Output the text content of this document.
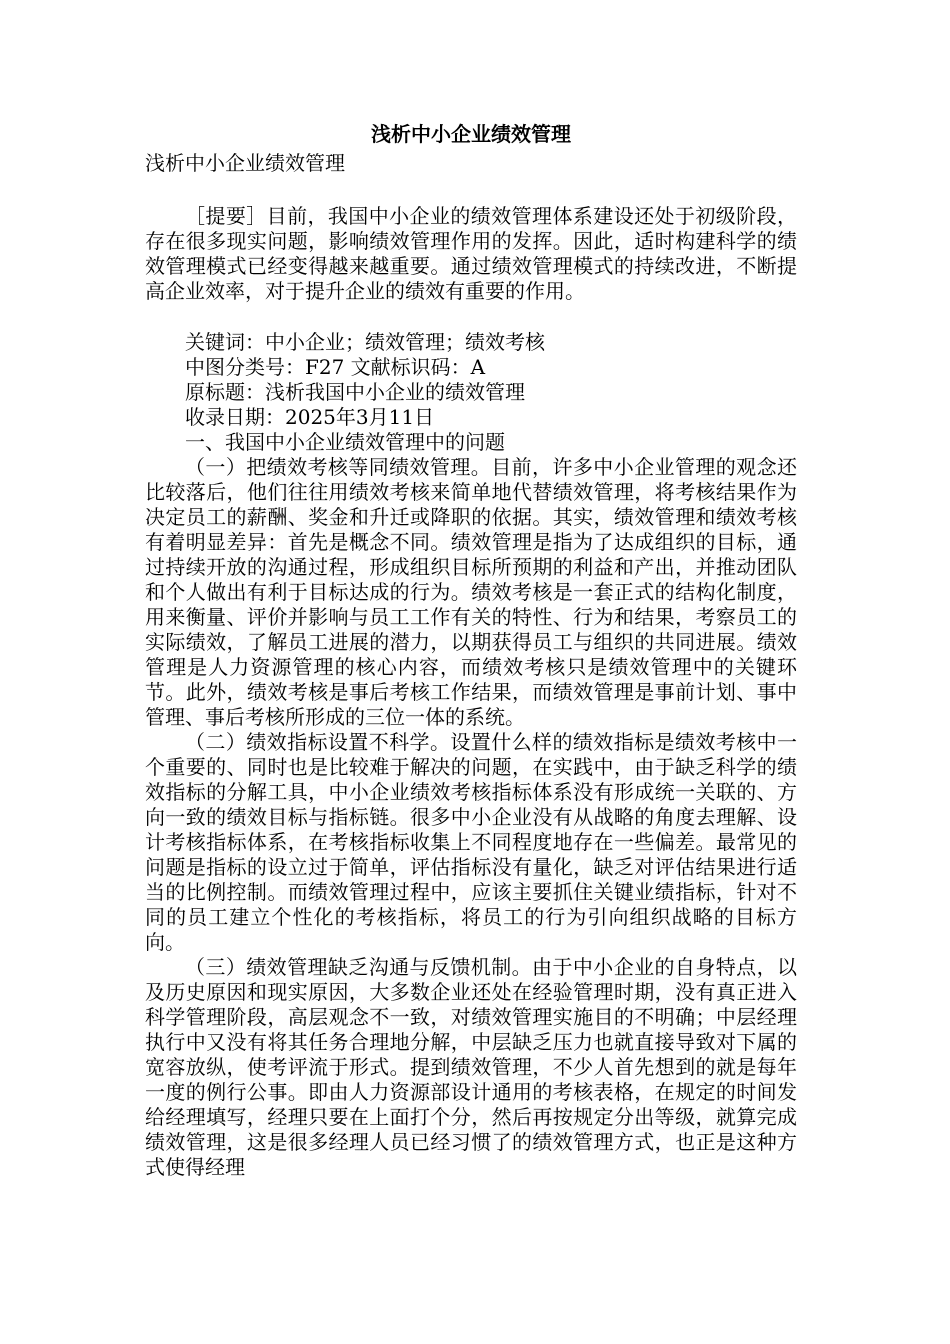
浅析中小企业绩效管理

浅析中小企业绩效管理

［提要］目前，我国中小企业的绩效管理体系建设还处于初级阶段，存在很多现实问题，影响绩效管理作用的发挥。因此，适时构建科学的绩效管理模式已经变得越来越重要。通过绩效管理模式的持续改进，不断提高企业效率，对于提升企业的绩效有重要的作用。

关键词：中小企业；绩效管理；绩效考核

中图分类号：F27 文献标识码：A

原标题：浅析我国中小企业的绩效管理

收录日期：2025年3月11日

一、我国中小企业绩效管理中的问题

（一）把绩效考核等同绩效管理。目前，许多中小企业管理的观念还比较落后，他们往往用绩效考核来简单地代替绩效管理，将考核结果作为决定员工的薪酬、奖金和升迁或降职的依据。其实，绩效管理和绩效考核有着明显差异：首先是概念不同。绩效管理是指为了达成组织的目标，通过持续开放的沟通过程，形成组织目标所预期的利益和产出，并推动团队和个人做出有利于目标达成的行为。绩效考核是一套正式的结构化制度，用来衡量、评价并影响与员工工作有关的特性、行为和结果，考察员工的实际绩效，了解员工进展的潜力，以期获得员工与组织的共同进展。绩效管理是人力资源管理的核心内容，而绩效考核只是绩效管理中的关键环节。此外，绩效考核是事后考核工作结果，而绩效管理是事前计划、事中管理、事后考核所形成的三位一体的系统。

（二）绩效指标设置不科学。设置什么样的绩效指标是绩效考核中一个重要的、同时也是比较难于解决的问题，在实践中，由于缺乏科学的绩效指标的分解工具，中小企业绩效考核指标体系没有形成统一关联的、方向一致的绩效目标与指标链。很多中小企业没有从战略的角度去理解、设计考核指标体系，在考核指标收集上不同程度地存在一些偏差。最常见的问题是指标的设立过于简单，评估指标没有量化，缺乏对评估结果进行适当的比例控制。而绩效管理过程中，应该主要抓住关键业绩指标，针对不同的员工建立个性化的考核指标，将员工的行为引向组织战略的目标方向。

（三）绩效管理缺乏沟通与反馈机制。由于中小企业的自身特点，以及历史原因和现实原因，大多数企业还处在经验管理时期，没有真正进入科学管理阶段，高层观念不一致，对绩效管理实施目的不明确；中层经理执行中又没有将其任务合理地分解，中层缺乏压力也就直接导致对下属的宽容放纵，使考评流于形式。提到绩效管理，不少人首先想到的就是每年一度的例行公事。即由人力资源部设计通用的考核表格，在规定的时间发给经理填写，经理只要在上面打个分，然后再按规定分出等级，就算完成绩效管理，这是很多经理人员已经习惯了的绩效管理方式，也正是这种方式使得经理
